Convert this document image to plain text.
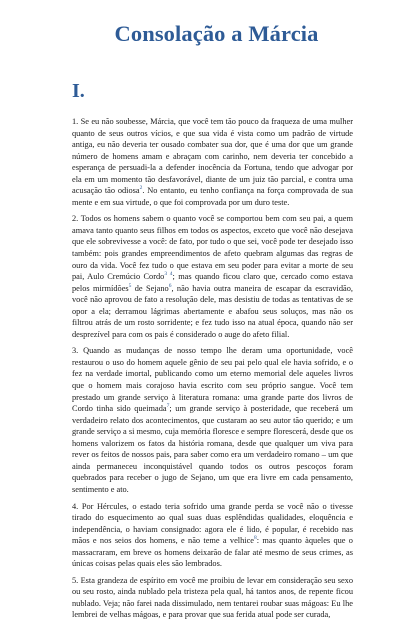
Consolação a Márcia
I.

1. Se eu não soubesse, Márcia, que você tem tão pouco da fraqueza de uma mulher quanto de seus outros vícios, e que sua vida é vista como um padrão de virtude antiga, eu não deveria ter ousado combater sua dor, que é uma dor que um grande número de homens amam e abraçam com carinho, nem deveria ter concebido a esperança de persuadi-la a defender inocência da Fortuna, tendo que advogar por ela em um momento tão desfavorável, diante de um juiz tão parcial, e contra uma acusação tão odiosa$^2$. No entanto, eu tenho confiança na força comprovada de sua mente e em sua virtude, o que foi comprovada por um duro teste.

2. Todos os homens sabem o quanto você se comportou bem com seu pai, a quem amava tanto quanto seus filhos em todos os aspectos, exceto que você não desejava que ele sobrevivesse a você: de fato, por tudo o que sei, você pode ter desejado isso também: pois grandes empreendimentos de afeto quebram algumas das regras de ouro da vida. Você fez tudo o que estava em seu poder para evitar a morte de seu pai, Aulo Cremúcio Cordo$^{3 4}$; mas quando ficou claro que, cercado como estava pelos mirmídões$^5$ de Sejano$^6$, não havia outra maneira de escapar da escravidão, você não aprovou de fato a resolução dele, mas desistiu de todas as tentativas de se opor a ela; derramou lágrimas abertamente e abafou seus soluços, mas não os filtrou atrás de um rosto sorridente; e fez tudo isso na atual época, quando não ser desprezível para com os pais é considerado o auge do afeto filial.

3. Quando as mudanças de nosso tempo lhe deram uma oportunidade, você restaurou o uso do homem aquele gênio de seu pai pelo qual ele havia sofrido, e o fez na verdade imortal, publicando como um eterno memorial dele aqueles livros que o homem mais corajoso havia escrito com seu próprio sangue. Você tem prestado um grande serviço à literatura romana: uma grande parte dos livros de Cordo tinha sido queimada$^7$; um grande serviço à posteridade, que receberá um verdadeiro relato dos acontecimentos, que custaram ao seu autor tão querido; e um grande serviço a si mesmo, cuja memória floresce e sempre florescerá, desde que os homens valorizem os fatos da história romana, desde que qualquer um viva para rever os feitos de nossos pais, para saber como era um verdadeiro romano – um que ainda permaneceu inconquistável quando todos os outros pescoços foram quebrados para receber o jugo de Sejano, um que era livre em cada pensamento, sentimento e ato.

4. Por Hércules, o estado teria sofrido uma grande perda se você não o tivesse tirado do esquecimento ao qual suas duas esplêndidas qualidades, eloquência e independência, o haviam consignado: agora ele é lido, é popular, é recebido nas mãos e nos seios dos homens, e não teme a velhice$^8$: mas quanto àqueles que o massacraram, em breve os homens deixarão de falar até mesmo de seus crimes, as únicas coisas pelas quais eles são lembrados.

5. Esta grandeza de espírito em você me proibiu de levar em consideração seu sexo ou seu rosto, ainda nublado pela tristeza pela qual, há tantos anos, de repente ficou nublado. Veja; não farei nada dissimulado, nem tentarei roubar suas mágoas: Eu lhe lembrei de velhas mágoas, e para provar que sua ferida atual pode ser curada,
